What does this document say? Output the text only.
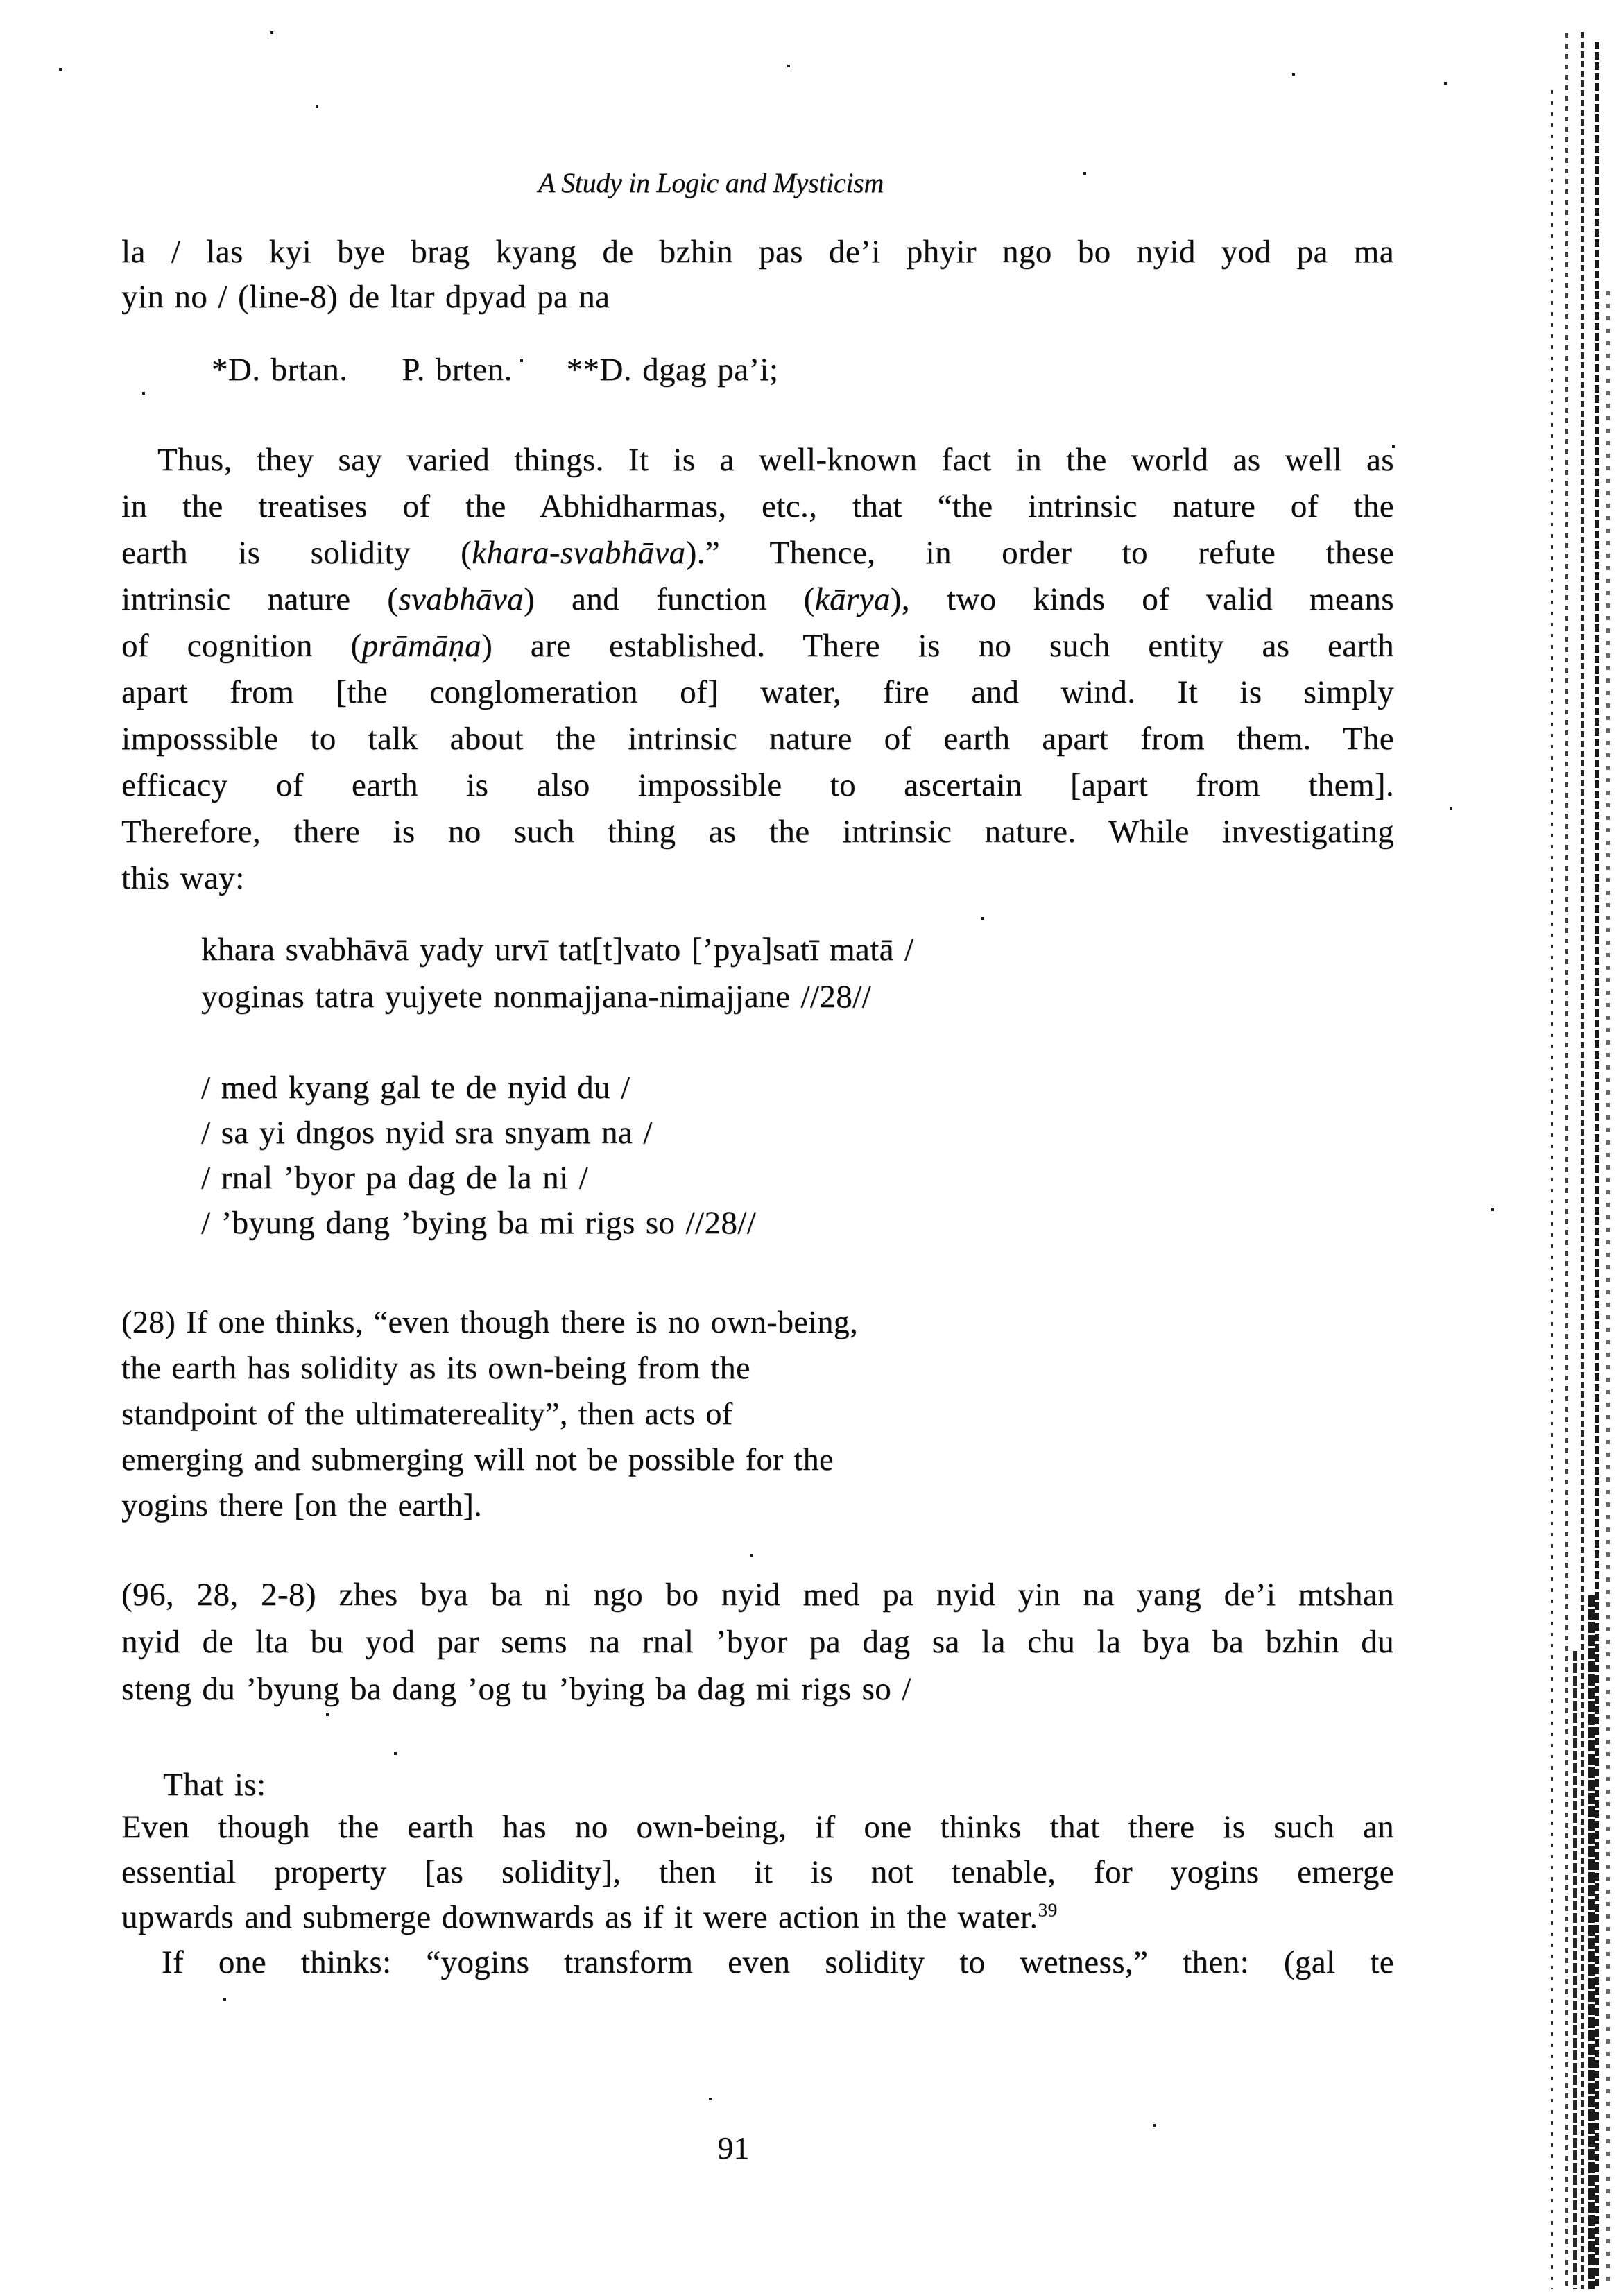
A Study in Logic and Mysticism
la / las kyi bye brag kyang de bzhin pas de’i phyir ngo bo nyid yod pa ma
yin no / (line-8) de ltar dpyad pa na
*D. brtan. P. brten. **D. dgag pa’i;
Thus, they say varied things. It is a well-known fact in the world as well as
in the treatises of the Abhidharmas, etc., that “the intrinsic nature of the
earth is solidity (khara-svabhāva).” Thence, in order to refute these
intrinsic nature (svabhāva) and function (kārya), two kinds of valid means
of cognition (prāmāṇa) are established. There is no such entity as earth
apart from [the conglomeration of] water, fire and wind. It is simply
imposssible to talk about the intrinsic nature of earth apart from them. The
efficacy of earth is also impossible to ascertain [apart from them].
Therefore, there is no such thing as the intrinsic nature. While investigating
this way:
khara svabhāvā yady urvī tat[t]vato [’pya]satī matā /
yoginas tatra yujyete nonmajjana-nimajjane //28//
/ med kyang gal te de nyid du /
/ sa yi dngos nyid sra snyam na /
/ rnal ’byor pa dag de la ni /
/ ’byung dang ’bying ba mi rigs so //28//
(28) If one thinks, “even though there is no own-being,
the earth has solidity as its own-being from the
standpoint of the ultimatereality”, then acts of
emerging and submerging will not be possible for the
yogins there [on the earth].
(96, 28, 2-8) zhes bya ba ni ngo bo nyid med pa nyid yin na yang de’i mtshan
nyid de lta bu yod par sems na rnal ’byor pa dag sa la chu la bya ba bzhin du
steng du ’byung ba dang ’og tu ’bying ba dag mi rigs so /
That is:
Even though the earth has no own-being, if one thinks that there is such an
essential property [as solidity], then it is not tenable, for yogins emerge
upwards and submerge downwards as if it were action in the water.$^{39}$
If one thinks: “yogins transform even solidity to wetness,” then: (gal te
91
